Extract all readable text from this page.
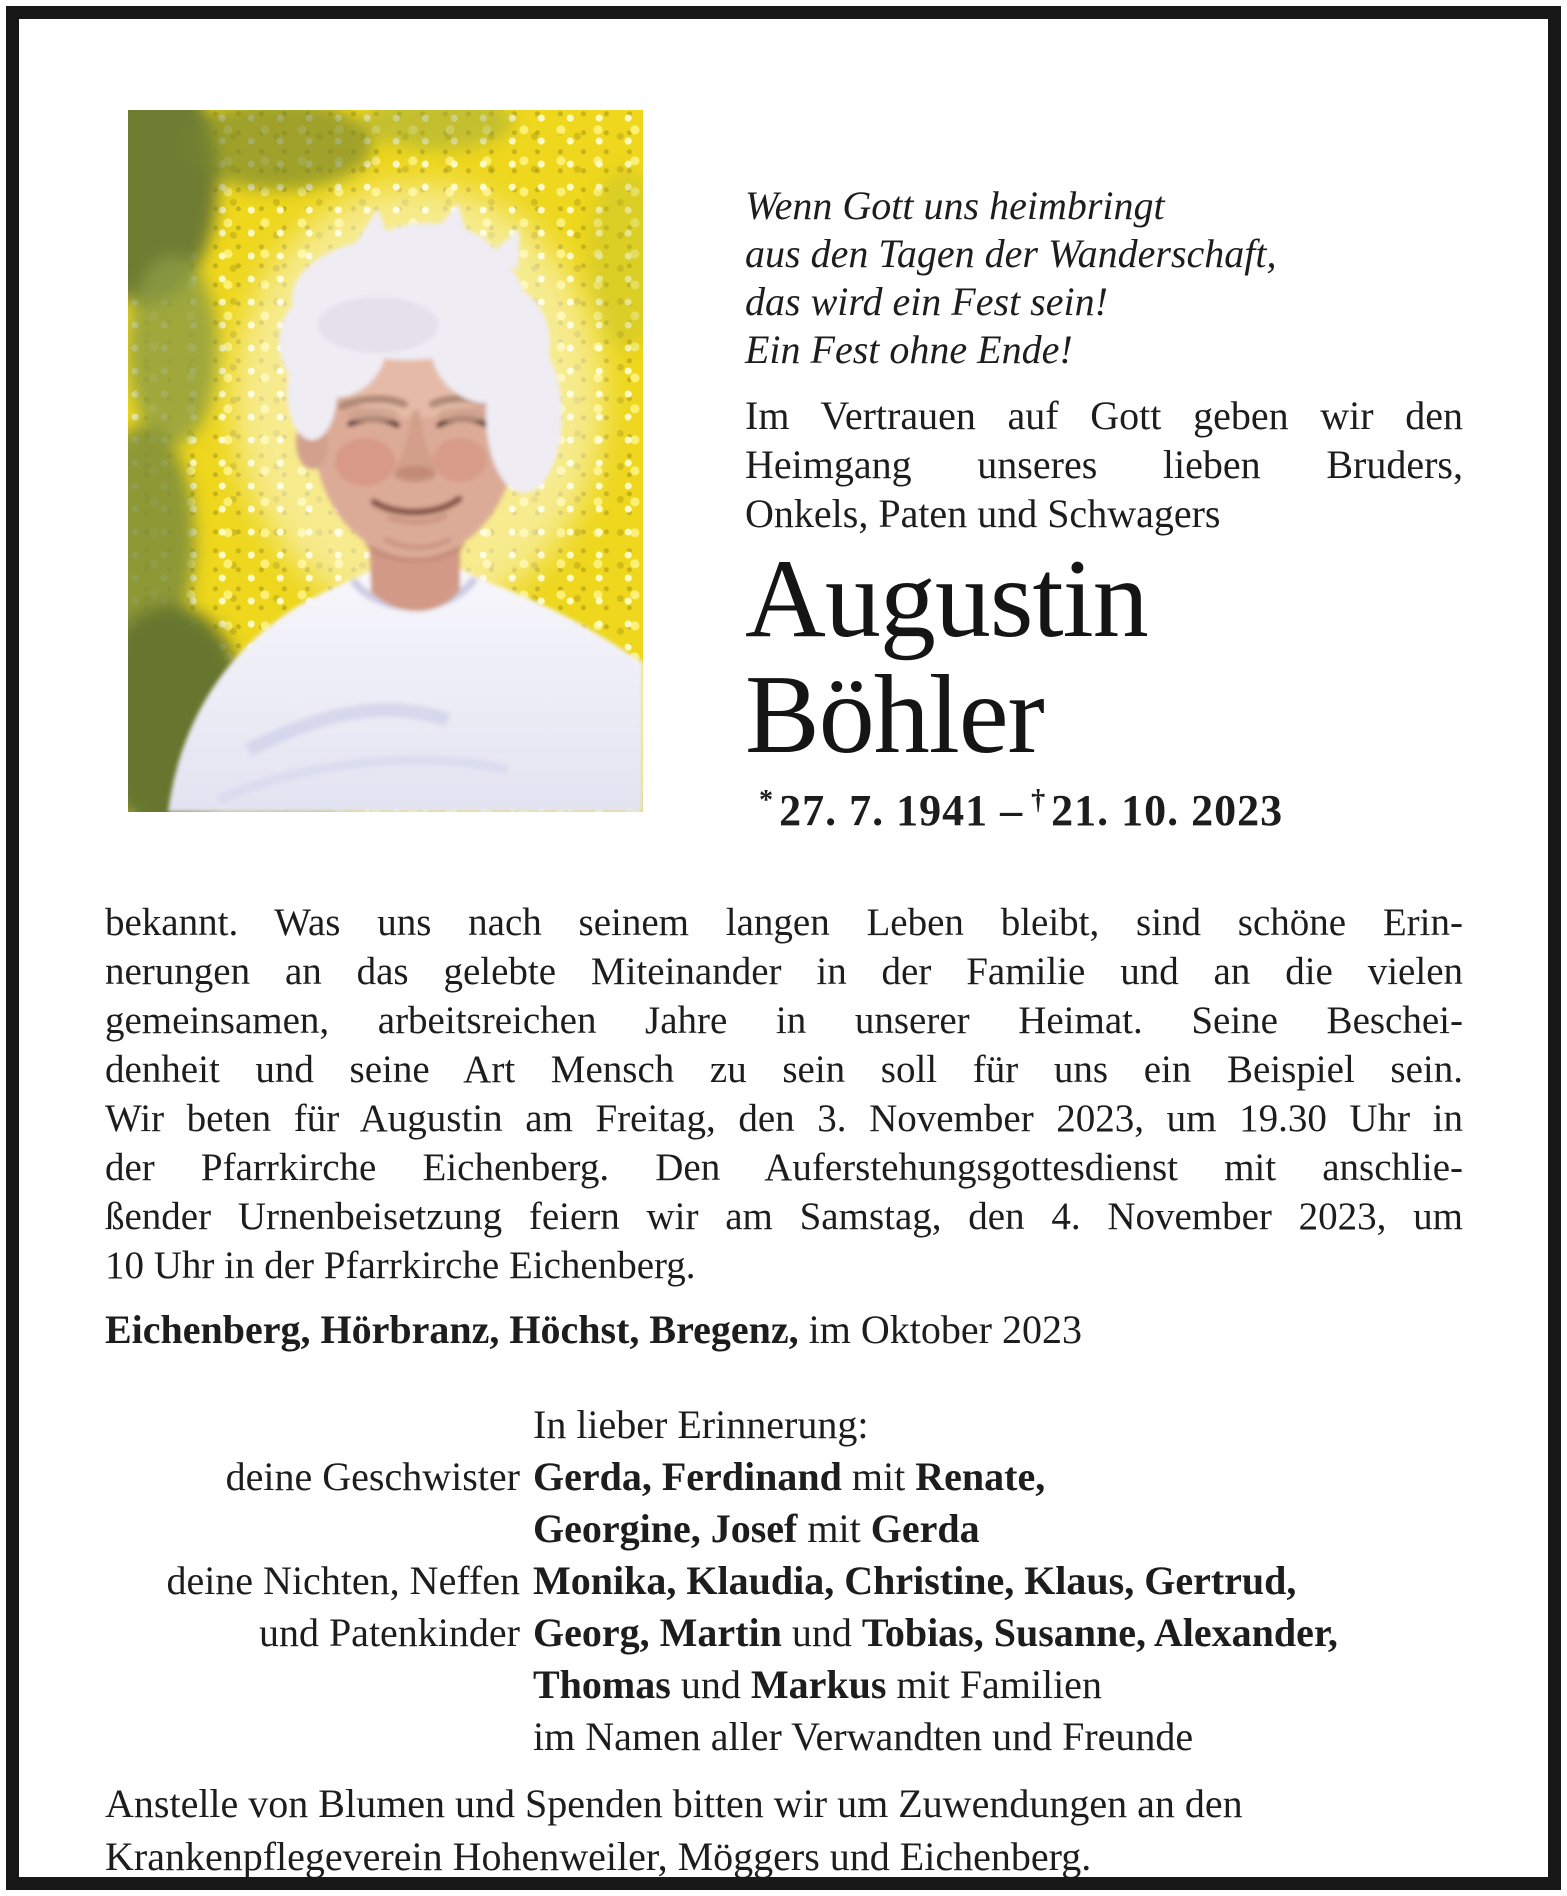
Wenn Gott uns heimbringt
aus den Tagen der Wanderschaft,
das wird ein Fest sein!
Ein Fest ohne Ende!
Im Vertrauen auf Gott geben wir den
Heimgang unseres lieben Bruders,
Onkels, Paten und Schwagers
Augustin
Böhler
* 27. 7. 1941 – † 21. 10. 2023
bekannt. Was uns nach seinem langen Leben bleibt, sind schöne Erin-
nerungen an das gelebte Miteinander in der Familie und an die vielen
gemeinsamen, arbeitsreichen Jahre in unserer Heimat. Seine Beschei-
denheit und seine Art Mensch zu sein soll für uns ein Beispiel sein.
Wir beten für Augustin am Freitag, den 3. November 2023, um 19.30 Uhr in
der Pfarrkirche Eichenberg. Den Auferstehungsgottesdienst mit anschlie-
ßender Urnenbeisetzung feiern wir am Samstag, den 4. November 2023, um
10 Uhr in der Pfarrkirche Eichenberg.
Eichenberg, Hörbranz, Höchst, Bregenz, im Oktober 2023
In lieber Erinnerung:
deine Geschwister Gerda, Ferdinand mit Renate,
Georgine, Josef mit Gerda
deine Nichten, Neffen Monika, Klaudia, Christine, Klaus, Gertrud,
und Patenkinder Georg, Martin und Tobias, Susanne, Alexander,
Thomas und Markus mit Familien
im Namen aller Verwandten und Freunde
Anstelle von Blumen und Spenden bitten wir um Zuwendungen an den
Krankenpflegeverein Hohenweiler, Möggers und Eichenberg.
